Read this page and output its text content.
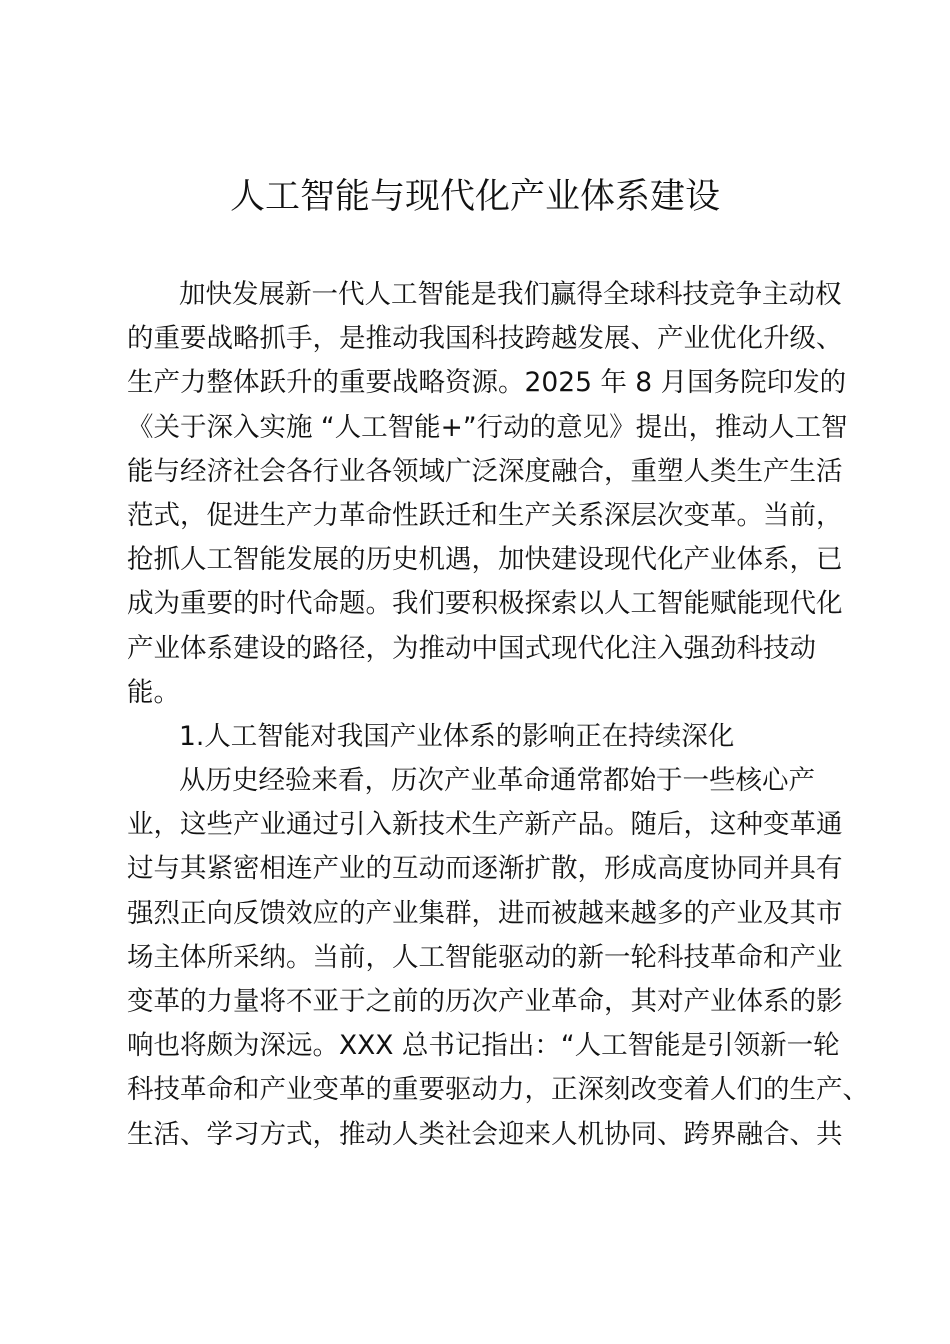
人工智能与现代化产业体系建设
加快发展新一代人工智能是我们赢得全球科技竞争主动权
的重要战略抓手，是推动我国科技跨越发展、产业优化升级、
生产力整体跃升的重要战略资源。2025 年 8 月国务院印发的
《关于深入实施 “人工智能+”行动的意见》提出，推动人工智
能与经济社会各行业各领域广泛深度融合，重塑人类生产生活
范式，促进生产力革命性跃迁和生产关系深层次变革。当前，
抢抓人工智能发展的历史机遇，加快建设现代化产业体系，已
成为重要的时代命题。我们要积极探索以人工智能赋能现代化
产业体系建设的路径，为推动中国式现代化注入强劲科技动
能。
1.人工智能对我国产业体系的影响正在持续深化
从历史经验来看，历次产业革命通常都始于一些核心产
业，这些产业通过引入新技术生产新产品。随后，这种变革通
过与其紧密相连产业的互动而逐渐扩散，形成高度协同并具有
强烈正向反馈效应的产业集群，进而被越来越多的产业及其市
场主体所采纳。当前，人工智能驱动的新一轮科技革命和产业
变革的力量将不亚于之前的历次产业革命，其对产业体系的影
响也将颇为深远。XXX 总书记指出：“人工智能是引领新一轮
科技革命和产业变革的重要驱动力，正深刻改变着人们的生产、
生活、学习方式，推动人类社会迎来人机协同、跨界融合、共
